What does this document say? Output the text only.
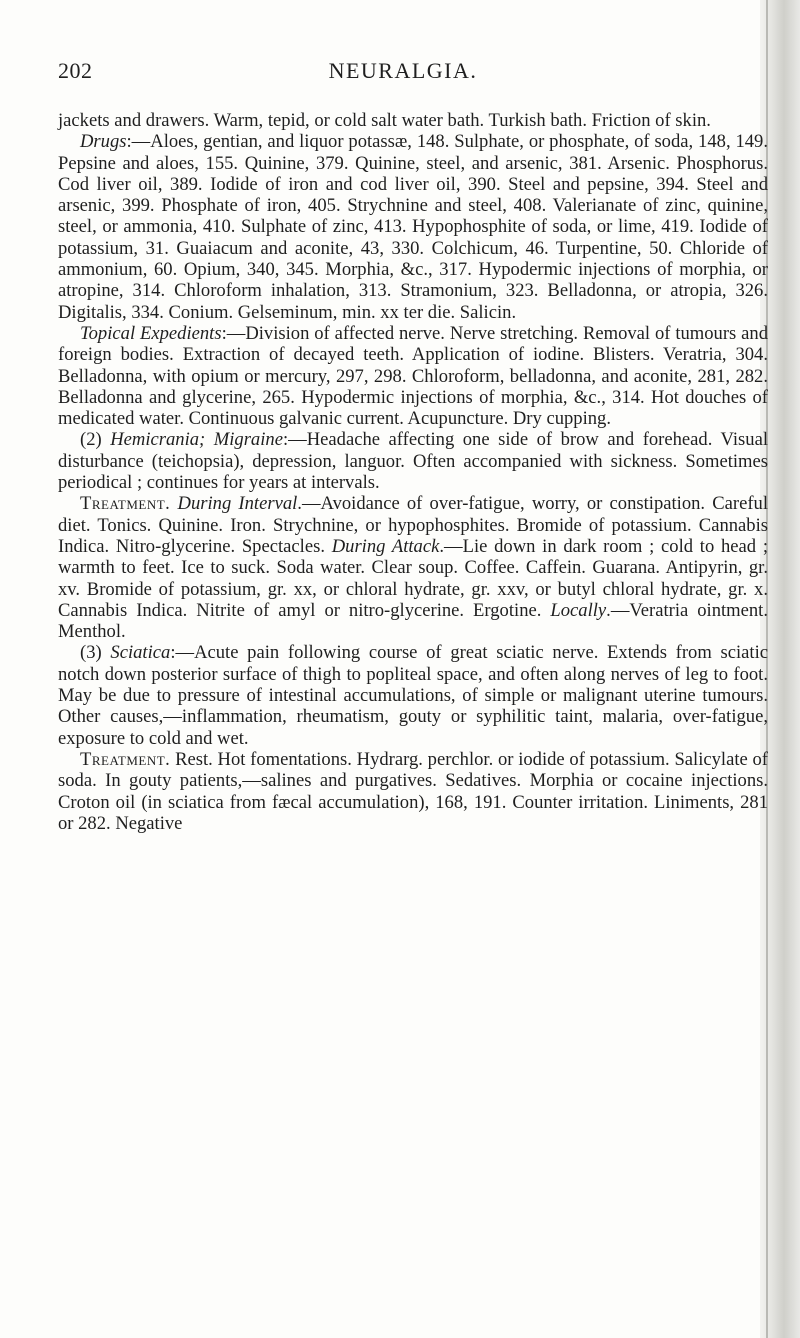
202	NEURALGIA.

jackets and drawers. Warm, tepid, or cold salt water bath. Turkish bath. Friction of skin.

Drugs:—Aloes, gentian, and liquor potassæ, 148. Sulphate, or phosphate, of soda, 148, 149. Pepsine and aloes, 155. Quinine, 379. Quinine, steel, and arsenic, 381. Arsenic. Phosphorus. Cod liver oil, 389. Iodide of iron and cod liver oil, 390. Steel and pepsine, 394. Steel and arsenic, 399. Phosphate of iron, 405. Strychnine and steel, 408. Valerianate of zinc, quinine, steel, or ammonia, 410. Sulphate of zinc, 413. Hypophosphite of soda, or lime, 419. Iodide of potassium, 31. Guaiacum and aconite, 43, 330. Colchicum, 46. Turpentine, 50. Chloride of ammonium, 60. Opium, 340, 345. Morphia, &c., 317. Hypodermic injections of morphia, or atropine, 314. Chloroform inhalation, 313. Stramonium, 323. Belladonna, or atropia, 326. Digitalis, 334. Conium. Gelseminum, min. xx ter die. Salicin.

Topical Expedients:—Division of affected nerve. Nerve stretching. Removal of tumours and foreign bodies. Extraction of decayed teeth. Application of iodine. Blisters. Veratria, 304. Belladonna, with opium or mercury, 297, 298. Chloroform, belladonna, and aconite, 281, 282. Belladonna and glycerine, 265. Hypodermic injections of morphia, &c., 314. Hot douches of medicated water. Continuous galvanic current. Acupuncture. Dry cupping.

(2) Hemicrania; Migraine:—Headache affecting one side of brow and forehead. Visual disturbance (teichopsia), depression, languor. Often accompanied with sickness. Sometimes periodical ; continues for years at intervals.

Treatment. During Interval.—Avoidance of over-fatigue, worry, or constipation. Careful diet. Tonics. Quinine. Iron. Strychnine, or hypophosphites. Bromide of potassium. Cannabis Indica. Nitro-glycerine. Spectacles. During Attack.—Lie down in dark room ; cold to head ; warmth to feet. Ice to suck. Soda water. Clear soup. Coffee. Caffein. Guarana. Antipyrin, gr. xv. Bromide of potassium, gr. xx, or chloral hydrate, gr. xxv, or butyl chloral hydrate, gr. x. Cannabis Indica. Nitrite of amyl or nitro-glycerine. Ergotine. Locally.—Veratria ointment. Menthol.

(3) Sciatica:—Acute pain following course of great sciatic nerve. Extends from sciatic notch down posterior surface of thigh to popliteal space, and often along nerves of leg to foot. May be due to pressure of intestinal accumulations, of simple or malignant uterine tumours. Other causes,—inflammation, rheumatism, gouty or syphilitic taint, malaria, over-fatigue, exposure to cold and wet.

Treatment. Rest. Hot fomentations. Hydrarg. perchlor. or iodide of potassium. Salicylate of soda. In gouty patients,—salines and purgatives. Sedatives. Morphia or cocaine injections. Croton oil (in sciatica from fæcal accumulation), 168, 191. Counter irritation. Liniments, 281 or 282. Negative
